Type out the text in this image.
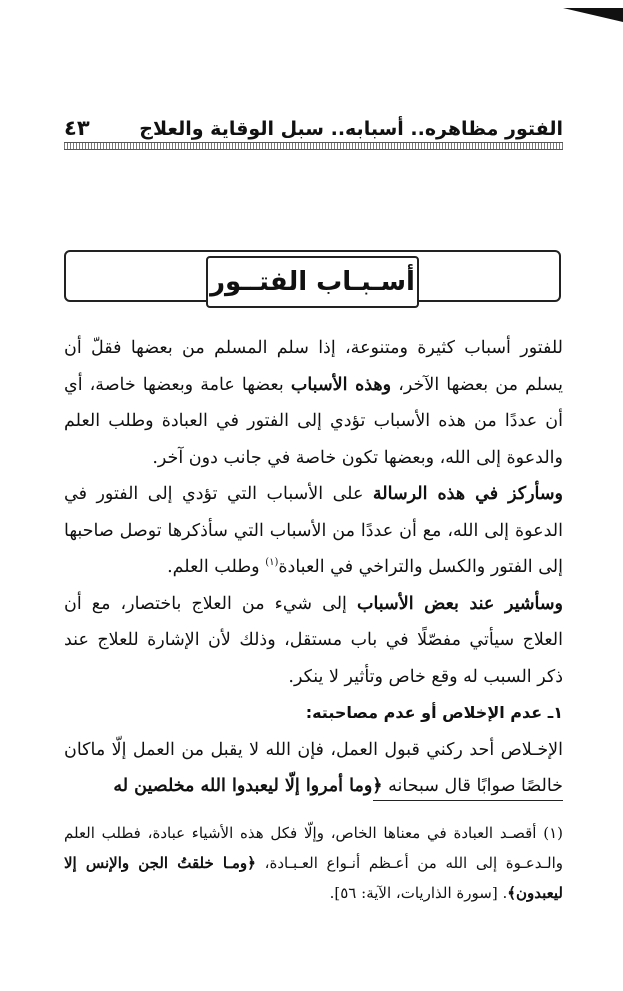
الفتور مظاهره.. أسبابه.. سبل الوقاية والعلاج
٤٣
أسـبـاب الفتــور

للفتور أسباب كثيرة ومتنوعة، إذا سلم المسلم من بعضها فقلّ أن يسلم من بعضها الآخر، وهذه الأسباب بعضها عامة وبعضها خاصة، أي أن عددًا من هذه الأسباب تؤدي إلى الفتور في العبادة وطلب العلم والدعوة إلى الله، وبعضها تكون خاصة في جانب دون آخر.

وسأركز في هذه الرسالة على الأسباب التي تؤدي إلى الفتور في الدعوة إلى الله، مع أن عددًا من الأسباب التي سأذكرها توصل صاحبها إلى الفتور والكسل والتراخي في العبادة$^{(١)}$ وطلب العلم.

وسأشير عند بعض الأسباب إلى شيء من العلاج باختصار، مع أن العلاج سيأتي مفصّلًا في باب مستقل، وذلك لأن الإشارة للعلاج عند ذكر السبب له وقع خاص وتأثير لا ينكر.

١ـ عدم الإخلاص أو عدم مصاحبته:

الإخـلاص أحد ركني قبول العمل، فإن الله لا يقبل من العمل إلّا ماكان خالصًا صوابًا قال سبحانه ﴿وما أمروا إلّا ليعبدوا الله مخلصين له

(١) أقصـد العبادة في معناها الخاص، وإلّا فكل هذه الأشياء عبادة، فطلب العلم والـدعـوة إلى الله من أعـظم أنـواع العـبـادة، ﴿ومـا خلقتُ الجن والإنس إلا ليعبدون﴾. [سورة الذاريات، الآية: ٥٦].
